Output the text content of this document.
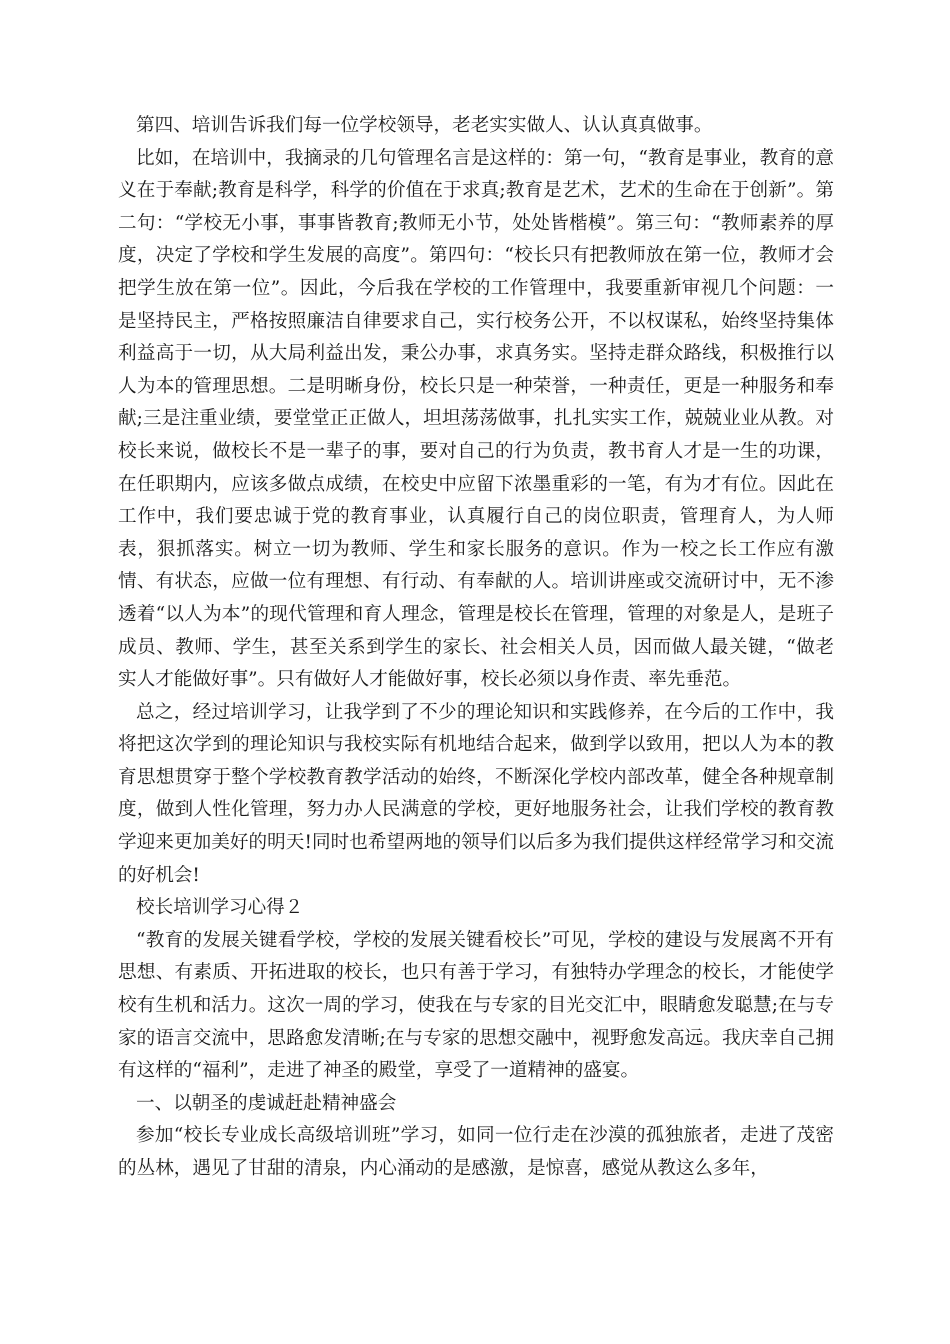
第四、培训告诉我们每一位学校领导，老老实实做人、认认真真做事。

比如，在培训中，我摘录的几句管理名言是这样的：第一句，“教育是事业，教育的意义在于奉献;教育是科学，科学的价值在于求真;教育是艺术，艺术的生命在于创新”。第二句：“学校无小事，事事皆教育;教师无小节，处处皆楷模”。第三句：“教师素养的厚度，决定了学校和学生发展的高度”。第四句：“校长只有把教师放在第一位，教师才会把学生放在第一位”。因此，今后我在学校的工作管理中，我要重新审视几个问题：一是坚持民主，严格按照廉洁自律要求自己，实行校务公开，不以权谋私，始终坚持集体利益高于一切，从大局利益出发，秉公办事，求真务实。坚持走群众路线，积极推行以人为本的管理思想。二是明晰身份，校长只是一种荣誉，一种责任，更是一种服务和奉献;三是注重业绩，要堂堂正正做人，坦坦荡荡做事，扎扎实实工作，兢兢业业从教。对校长来说，做校长不是一辈子的事，要对自己的行为负责，教书育人才是一生的功课，在任职期内，应该多做点成绩，在校史中应留下浓墨重彩的一笔，有为才有位。因此在工作中，我们要忠诚于党的教育事业，认真履行自己的岗位职责，管理育人，为人师表，狠抓落实。树立一切为教师、学生和家长服务的意识。作为一校之长工作应有激情、有状态，应做一位有理想、有行动、有奉献的人。培训讲座或交流研讨中，无不渗透着“以人为本”的现代管理和育人理念，管理是校长在管理，管理的对象是人，是班子成员、教师、学生，甚至关系到学生的家长、社会相关人员，因而做人最关键，“做老实人才能做好事”。只有做好人才能做好事，校长必须以身作责、率先垂范。

总之，经过培训学习，让我学到了不少的理论知识和实践修养，在今后的工作中，我将把这次学到的理论知识与我校实际有机地结合起来，做到学以致用，把以人为本的教育思想贯穿于整个学校教育教学活动的始终，不断深化学校内部改革，健全各种规章制度，做到人性化管理，努力办人民满意的学校，更好地服务社会，让我们学校的教育教学迎来更加美好的明天!同时也希望两地的领导们以后多为我们提供这样经常学习和交流的好机会!

校长培训学习心得２

“教育的发展关键看学校，学校的发展关键看校长”可见，学校的建设与发展离不开有思想、有素质、开拓进取的校长，也只有善于学习，有独特办学理念的校长，才能使学校有生机和活力。这次一周的学习，使我在与专家的目光交汇中，眼睛愈发聪慧;在与专家的语言交流中，思路愈发清晰;在与专家的思想交融中，视野愈发高远。我庆幸自己拥有这样的“福利”，走进了神圣的殿堂，享受了一道精神的盛宴。

一、以朝圣的虔诚赶赴精神盛会

参加“校长专业成长高级培训班”学习，如同一位行走在沙漠的孤独旅者，走进了茂密的丛林，遇见了甘甜的清泉，内心涌动的是感激，是惊喜，感觉从教这么多年，
